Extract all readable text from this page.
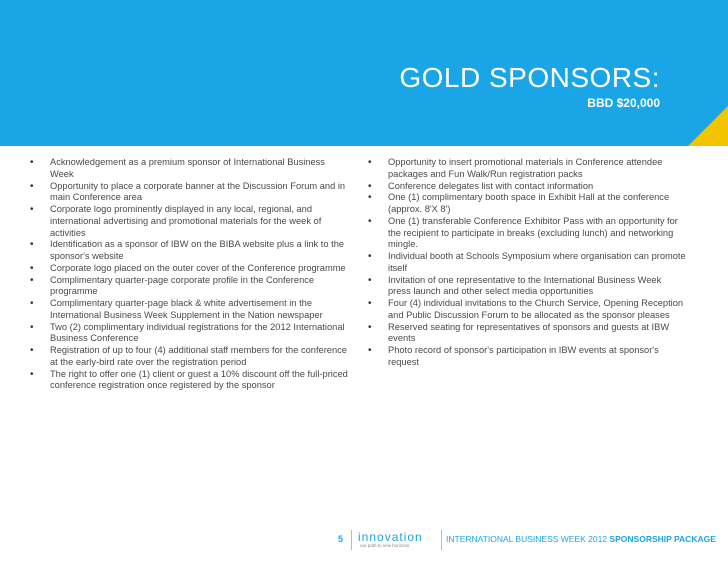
GOLD SPONSORS:

BBD $20,000

• Acknowledgement as a premium sponsor of International Business Week
• Opportunity to place a corporate banner at the Discussion Forum and in main Conference area
• Corporate logo prominently displayed in any local, regional, and international advertising and promotional materials for the week of activities
• Identification as a sponsor of IBW on the BIBA website plus a link to the sponsor's website
• Corporate logo placed on the outer cover of the Conference programme
• Complimentary quarter-page corporate profile in the Conference programme
• Complimentary quarter-page black & white advertisement in the International Business Week Supplement in the Nation newspaper
• Two (2) complimentary individual registrations for the 2012 International Business Conference
• Registration of up to four (4) additional staff members for the conference at the early-bird rate over the registration period
• The right to offer one (1) client or guest a 10% discount off the full-priced conference registration once registered by the sponsor
• Opportunity to insert promotional materials in Conference attendee packages and Fun Walk/Run registration packs
• Conference delegates list with contact information
• One (1) complimentary booth space in Exhibit Hall at the conference (approx. 8'X 8')
• One (1) transferable Conference Exhibitor Pass with an opportunity for the recipient to participate in breaks (excluding lunch) and networking mingle.
• Individual booth at Schools Symposium where organisation can promote itself
• Invitation of one representative to the International Business Week press launch and other select media opportunities
• Four (4) individual invitations to the Church Service, Opening Reception and Public Discussion Forum to be allocated as the sponsor pleases
• Reserved seating for representatives of sponsors and guests at IBW events
• Photo record of sponsor's participation in IBW events at sponsor's request
5 innovation
our path to new horizons
INTERNATIONAL BUSINESS WEEK 2012 SPONSORSHIP PACKAGE
